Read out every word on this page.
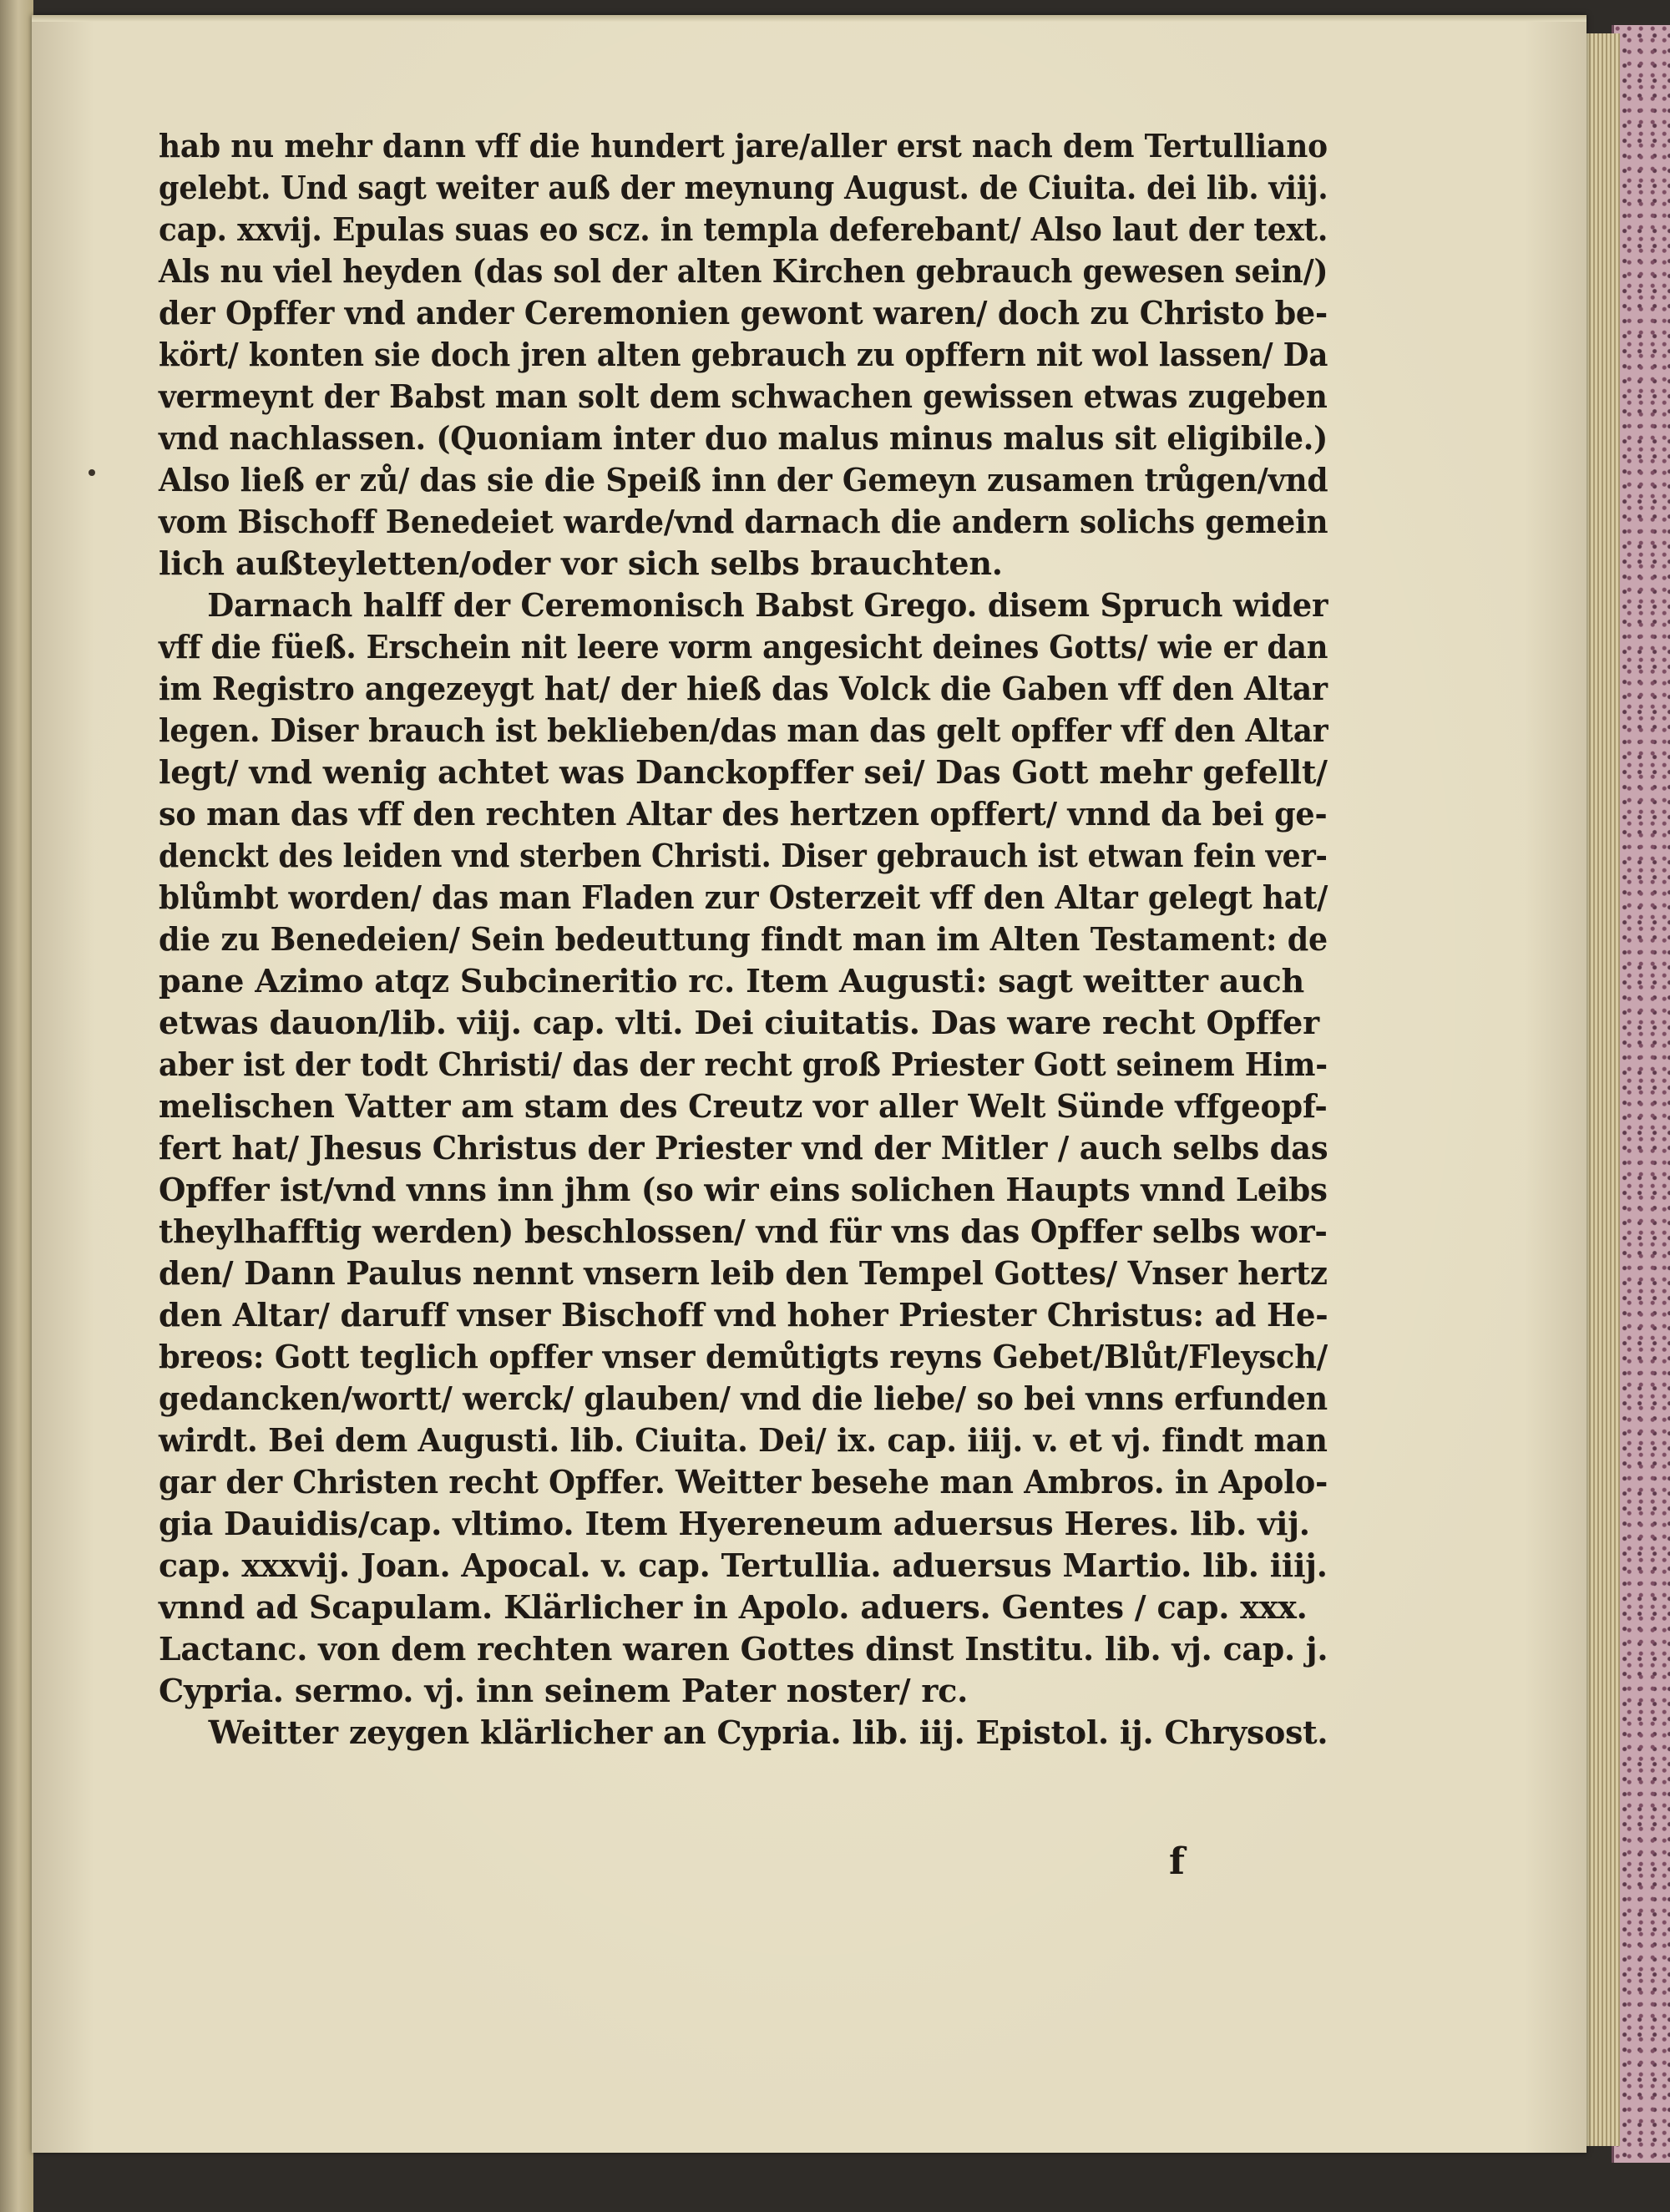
hab nu mehr dann vff die hundert jare/aller erst nach dem Tertulliano
gelebt. Und sagt weiter auß der meynung August. de Ciuita. dei lib. viij.
cap. xxvij. Epulas suas eo scz. in templa deferebant/ Also laut der text.
Als nu viel heyden (das sol der alten Kirchen gebrauch gewesen sein/)
der Opffer vnd ander Ceremonien gewont waren/ doch zu Christo be-
kört/ konten sie doch jren alten gebrauch zu opffern nit wol lassen/ Da
vermeynt der Babst man solt dem schwachen gewissen etwas zugeben
vnd nachlassen. (Quoniam inter duo malus minus malus sit eligibile.)
Also ließ er zů/ das sie die Speiß inn der Gemeyn zusamen trůgen/vnd
vom Bischoff Benedeiet warde/vnd darnach die andern solichs gemein
lich außteyletten/oder vor sich selbs brauchten.
Darnach halff der Ceremonisch Babst Grego. disem Spruch wider
vff die füeß. Erschein nit leere vorm angesicht deines Gotts/ wie er dan
im Registro angezeygt hat/ der hieß das Volck die Gaben vff den Altar
legen. Diser brauch ist beklieben/das man das gelt opffer vff den Altar
legt/ vnd wenig achtet was Danckopffer sei/ Das Gott mehr gefellt/
so man das vff den rechten Altar des hertzen opffert/ vnnd da bei ge-
denckt des leiden vnd sterben Christi. Diser gebrauch ist etwan fein ver-
blůmbt worden/ das man Fladen zur Osterzeit vff den Altar gelegt hat/
die zu Benedeien/ Sein bedeuttung findt man im Alten Testament: de
pane Azimo atqz Subcineritio rc. Item Augusti: sagt weitter auch
etwas dauon/lib. viij. cap. vlti. Dei ciuitatis. Das ware recht Opffer
aber ist der todt Christi/ das der recht groß Priester Gott seinem Him-
melischen Vatter am stam des Creutz vor aller Welt Sünde vffgeopf-
fert hat/ Jhesus Christus der Priester vnd der Mitler / auch selbs das
Opffer ist/vnd vnns inn jhm (so wir eins solichen Haupts vnnd Leibs
theylhafftig werden) beschlossen/ vnd für vns das Opffer selbs wor-
den/ Dann Paulus nennt vnsern leib den Tempel Gottes/ Vnser hertz
den Altar/ daruff vnser Bischoff vnd hoher Priester Christus: ad He-
breos: Gott teglich opffer vnser demůtigts reyns Gebet/Blůt/Fleysch/
gedancken/wortt/ werck/ glauben/ vnd die liebe/ so bei vnns erfunden
wirdt. Bei dem Augusti. lib. Ciuita. Dei/ ix. cap. iiij. v. et vj. findt man
gar der Christen recht Opffer. Weitter besehe man Ambros. in Apolo-
gia Dauidis/cap. vltimo. Item Hyereneum aduersus Heres. lib. vij.
cap. xxxvij. Joan. Apocal. v. cap. Tertullia. aduersus Martio. lib. iiij.
vnnd ad Scapulam. Klärlicher in Apolo. aduers. Gentes / cap. xxx.
Lactanc. von dem rechten waren Gottes dinst Institu. lib. vj. cap. j.
Cypria. sermo. vj. inn seinem Pater noster/ rc.
Weitter zeygen klärlicher an Cypria. lib. iij. Epistol. ij. Chrysost.
f
